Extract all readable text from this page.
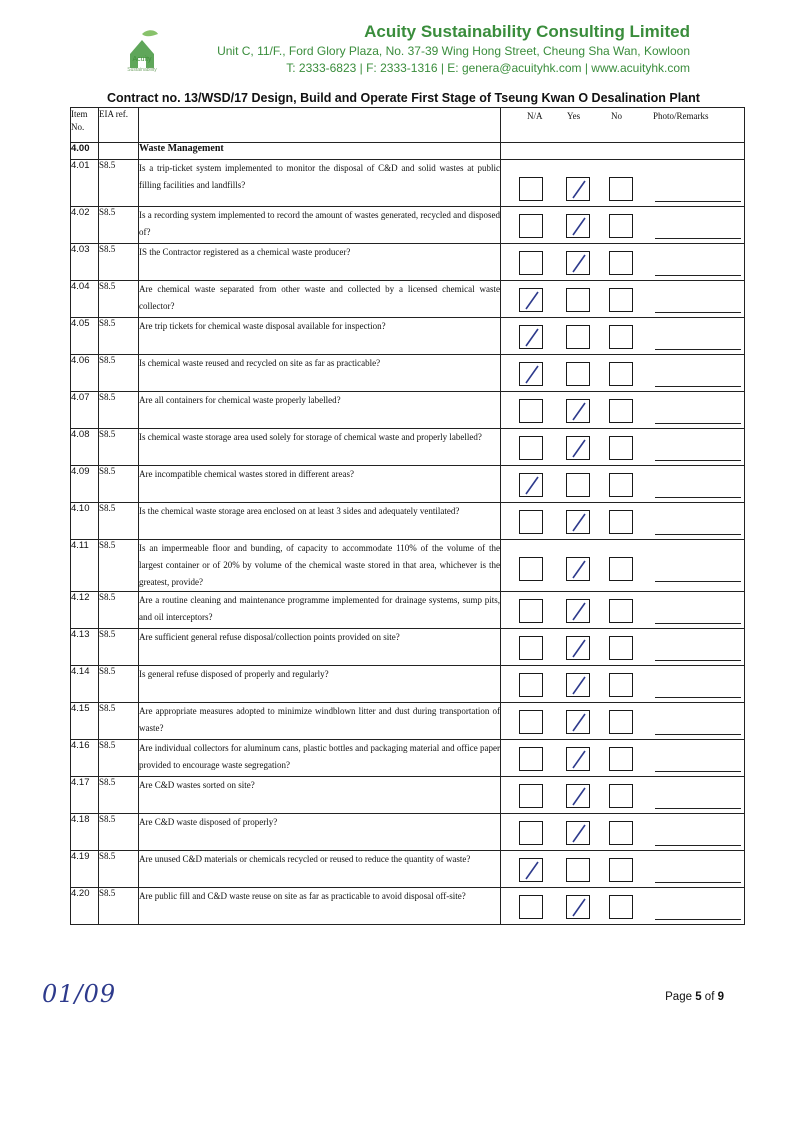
Acuity
Sustainability
Acuity Sustainability Consulting Limited
Unit C, 11/F., Ford Glory Plaza, No. 37-39 Wing Hong Street, Cheung Sha Wan, Kowloon
T: 2333-6823 | F: 2333-1316 | E: genera@acuityhk.com | www.acuityhk.com
Contract no. 13/WSD/17 Design, Build and Operate First Stage of Tseung Kwan O Desalination Plant
Item No.	EIA ref.		N/A Yes No Photo/Remarks

4.00		Waste Management	
4.01	S8.5	Is a trip-ticket system implemented to monitor the disposal of C&D and solid wastes at public filling facilities and landfills?	

4.02	S8.5	Is a recording system implemented to record the amount of wastes generated, recycled and disposed of?	

4.03	S8.5	IS the Contractor registered as a chemical waste producer?	

4.04	S8.5	Are chemical waste separated from other waste and collected by a licensed chemical waste collector?	

4.05	S8.5	Are trip tickets for chemical waste disposal available for inspection?	

4.06	S8.5	Is chemical waste reused and recycled on site as far as practicable?	

4.07	S8.5	Are all containers for chemical waste properly labelled?	

4.08	S8.5	Is chemical waste storage area used solely for storage of chemical waste and properly labelled?	

4.09	S8.5	Are incompatible chemical wastes stored in different areas?	

4.10	S8.5	Is the chemical waste storage area enclosed on at least 3 sides and adequately ventilated?	

4.11	S8.5	Is an impermeable floor and bunding, of capacity to accommodate 110% of the volume of the largest container or of 20% by volume of the chemical waste stored in that area, whichever is the greatest, provide?	

4.12	S8.5	Are a routine cleaning and maintenance programme implemented for drainage systems, sump pits, and oil interceptors?	

4.13	S8.5	Are sufficient general refuse disposal/collection points provided on site?	

4.14	S8.5	Is general refuse disposed of properly and regularly?	

4.15	S8.5	Are appropriate measures adopted to minimize windblown litter and dust during transportation of waste?	

4.16	S8.5	Are individual collectors for aluminum cans, plastic bottles and packaging material and office paper provided to encourage waste segregation?	

4.17	S8.5	Are C&D wastes sorted on site?	

4.18	S8.5	Are C&D waste disposed of properly?	

4.19	S8.5	Are unused C&D materials or chemicals recycled or reused to reduce the quantity of waste?	

4.20	S8.5	Are public fill and C&D waste reuse on site as far as practicable to avoid disposal off-site?	
01/09	Page 5 of 9
